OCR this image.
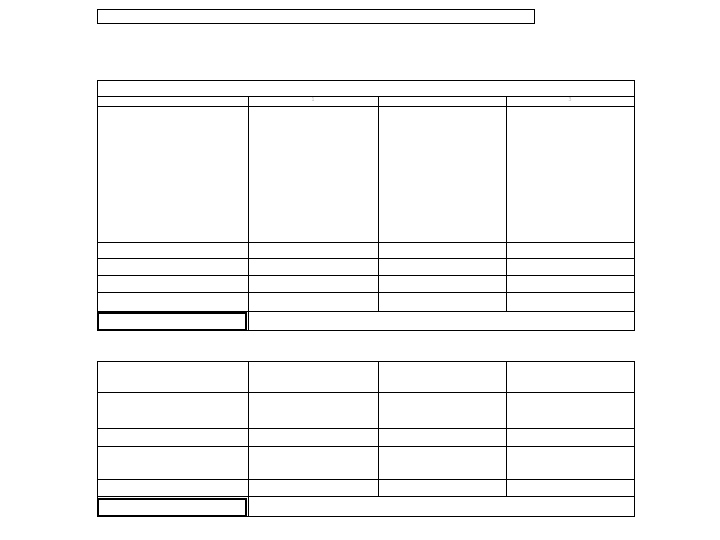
1	3
